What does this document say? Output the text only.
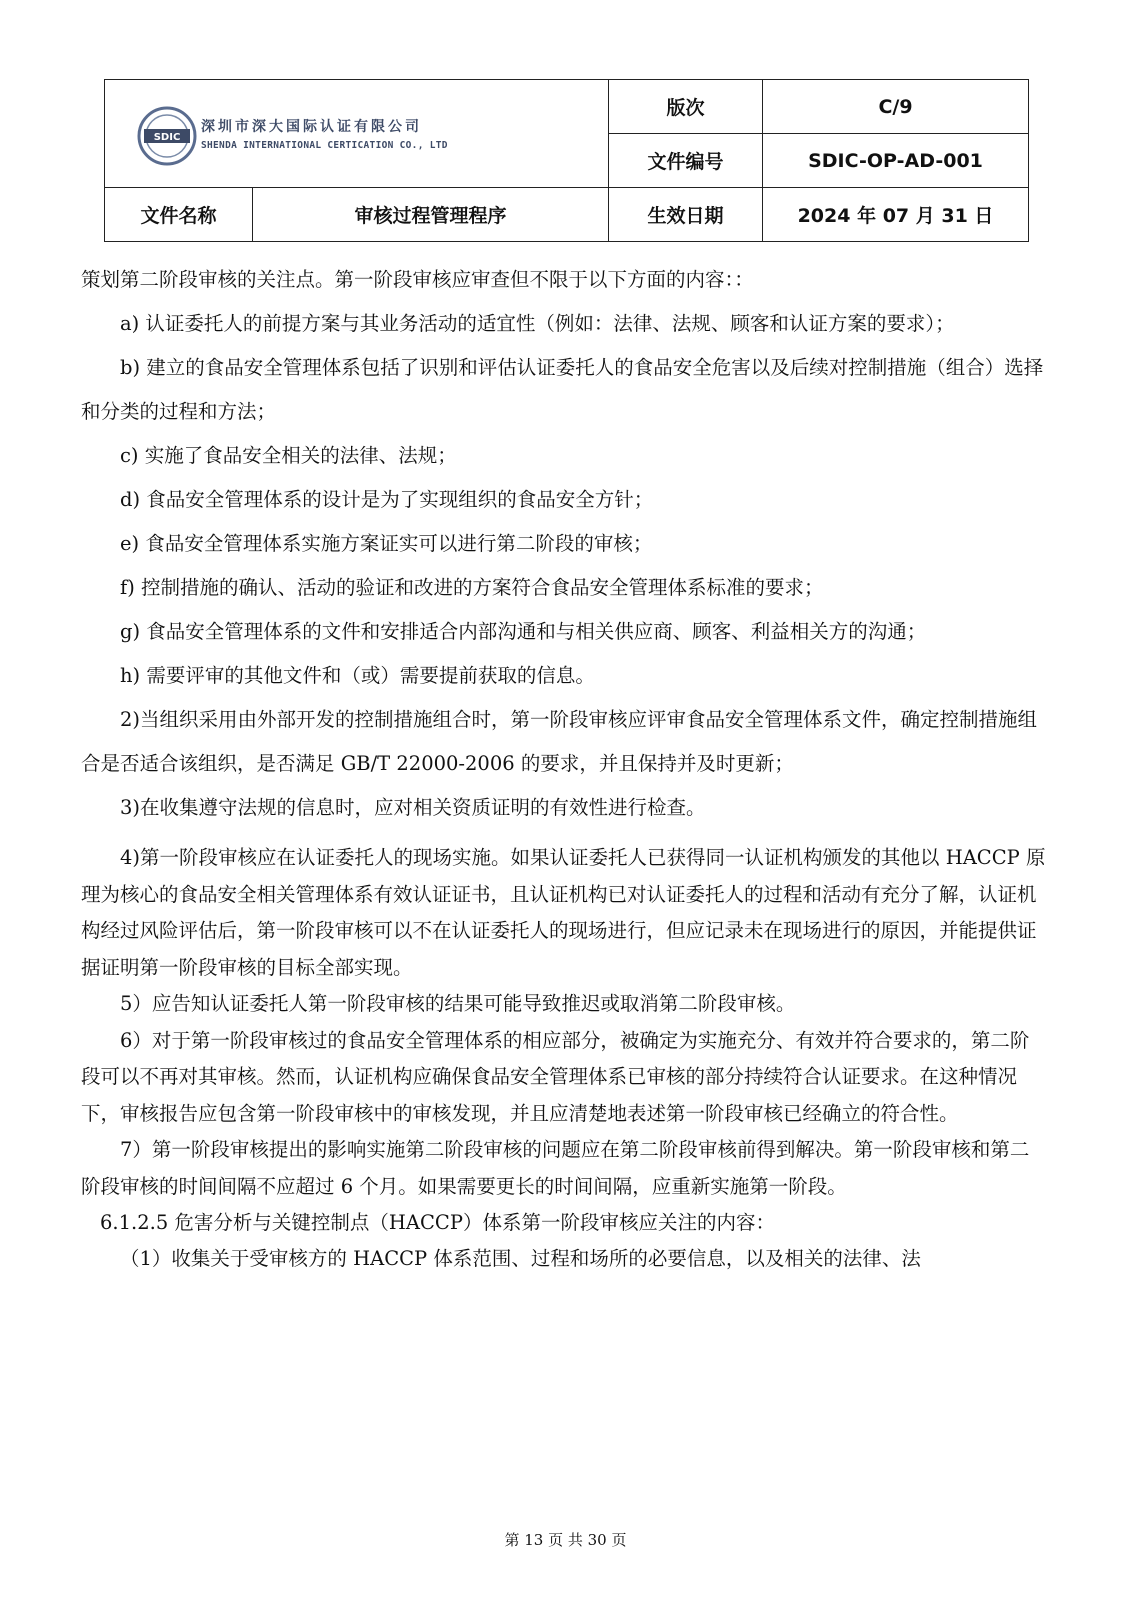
SDIC
深圳市深大国际认证有限公司
SHENDA INTERNATIONAL CERTICATION CO., LTD		版次	C/9
		文件编号	SDIC-OP-AD-001
文件名称	审核过程管理程序	生效日期	2024 年 07 月 31 日

策划第二阶段审核的关注点。第一阶段审核应审查但不限于以下方面的内容：：

a) 认证委托人的前提方案与其业务活动的适宜性（例如：法律、法规、顾客和认证方案的要求）；

b) 建立的食品安全管理体系包括了识别和评估认证委托人的食品安全危害以及后续对控制措施（组合）选择和分类的过程和方法；

c) 实施了食品安全相关的法律、法规；

d) 食品安全管理体系的设计是为了实现组织的食品安全方针；

e) 食品安全管理体系实施方案证实可以进行第二阶段的审核；

f) 控制措施的确认、活动的验证和改进的方案符合食品安全管理体系标准的要求；

g) 食品安全管理体系的文件和安排适合内部沟通和与相关供应商、顾客、利益相关方的沟通；

h) 需要评审的其他文件和（或）需要提前获取的信息。

2)当组织采用由外部开发的控制措施组合时，第一阶段审核应评审食品安全管理体系文件，确定控制措施组合是否适合该组织，是否满足 GB/T 22000-2006 的要求，并且保持并及时更新；

3)在收集遵守法规的信息时，应对相关资质证明的有效性进行检查。

4)第一阶段审核应在认证委托人的现场实施。如果认证委托人已获得同一认证机构颁发的其他以 HACCP 原理为核心的食品安全相关管理体系有效认证证书，且认证机构已对认证委托人的过程和活动有充分了解，认证机构经过风险评估后，第一阶段审核可以不在认证委托人的现场进行，但应记录未在现场进行的原因，并能提供证据证明第一阶段审核的目标全部实现。

5）应告知认证委托人第一阶段审核的结果可能导致推迟或取消第二阶段审核。

6）对于第一阶段审核过的食品安全管理体系的相应部分，被确定为实施充分、有效并符合要求的，第二阶段可以不再对其审核。然而，认证机构应确保食品安全管理体系已审核的部分持续符合认证要求。在这种情况下，审核报告应包含第一阶段审核中的审核发现，并且应清楚地表述第一阶段审核已经确立的符合性。

7）第一阶段审核提出的影响实施第二阶段审核的问题应在第二阶段审核前得到解决。第一阶段审核和第二阶段审核的时间间隔不应超过 6 个月。如果需要更长的时间间隔，应重新实施第一阶段。

6.1.2.5 危害分析与关键控制点（HACCP）体系第一阶段审核应关注的内容：

（1）收集关于受审核方的 HACCP 体系范围、过程和场所的必要信息，以及相关的法律、法

第 13 页 共 30 页
